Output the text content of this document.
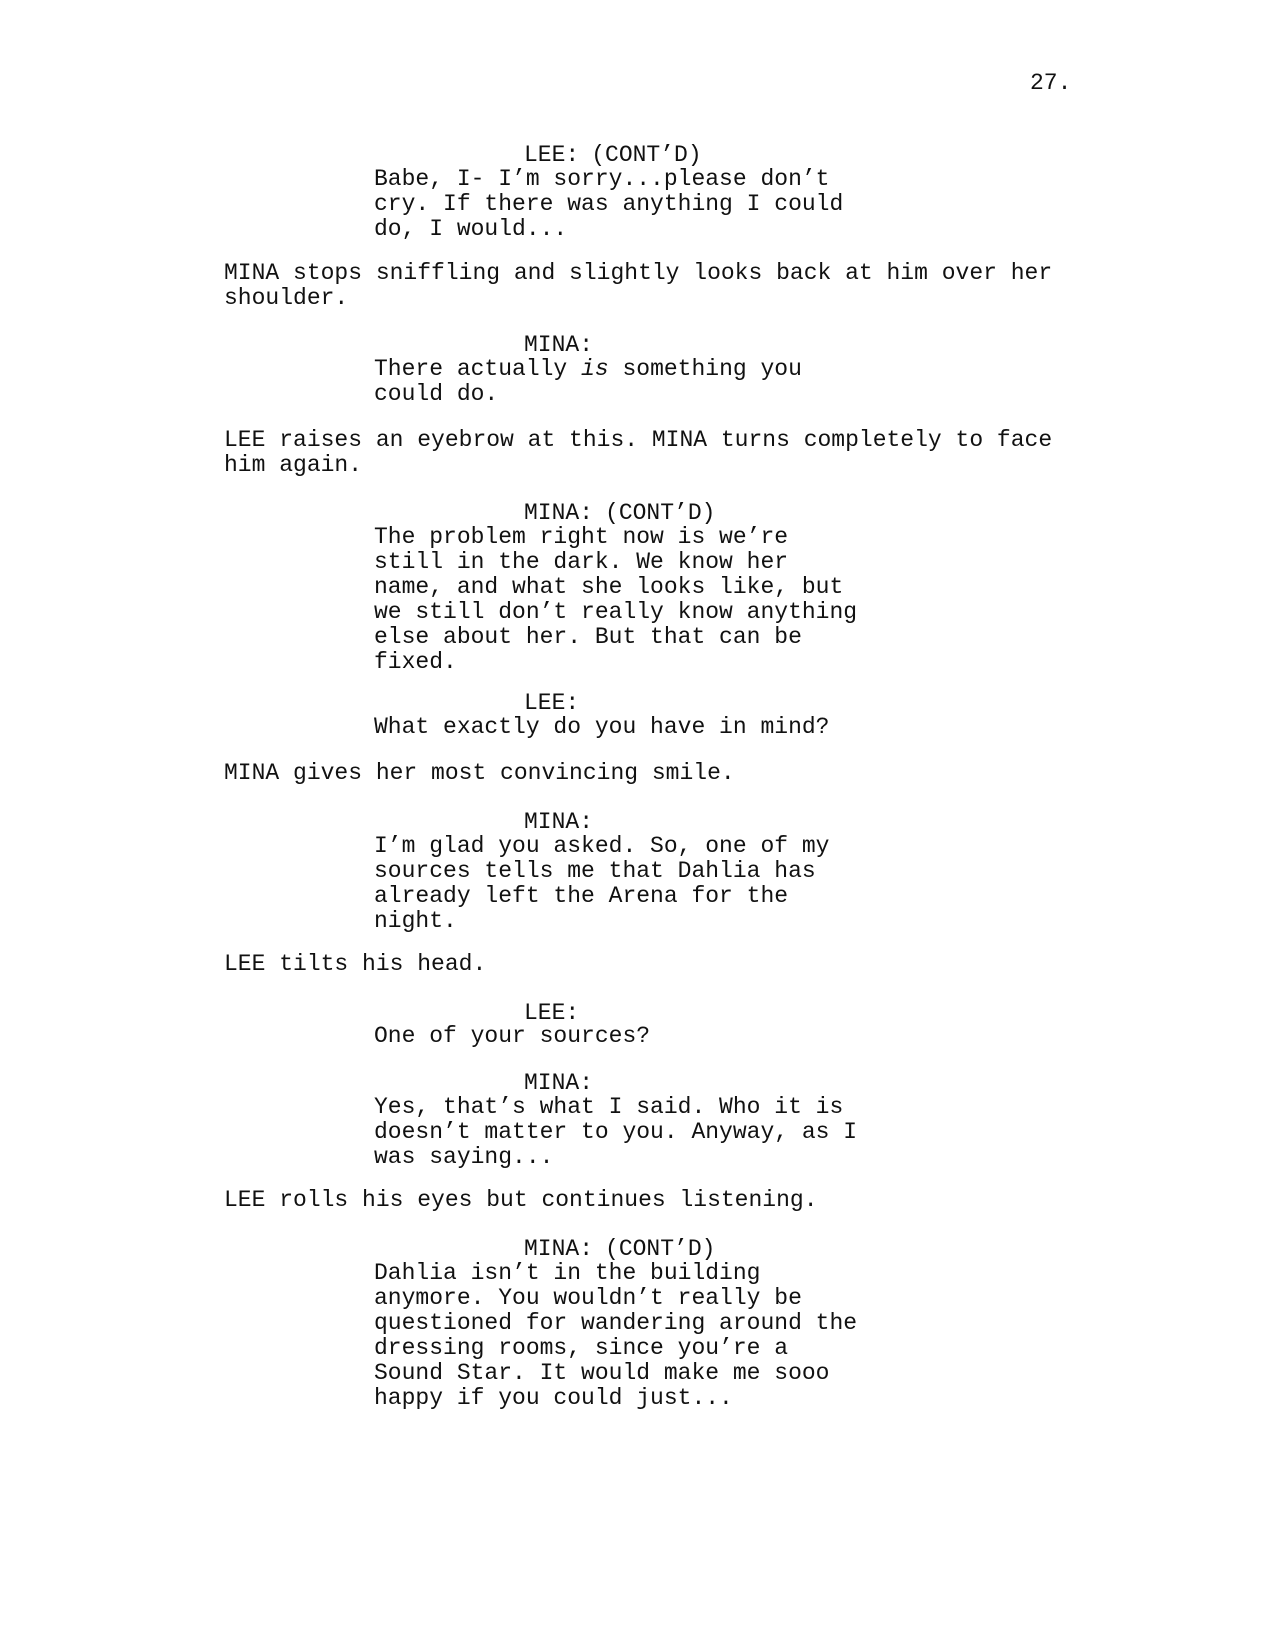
27.
LEE: (CONT’D)
Babe, I- I’m sorry...please don’t
cry. If there was anything I could
do, I would...
MINA stops sniffling and slightly looks back at him over her
shoulder.
MINA:
There actually is something you
could do.
LEE raises an eyebrow at this. MINA turns completely to face
him again.
MINA: (CONT’D)
The problem right now is we’re
still in the dark. We know her
name, and what she looks like, but
we still don’t really know anything
else about her. But that can be
fixed.
LEE:
What exactly do you have in mind?
MINA gives her most convincing smile.
MINA:
I’m glad you asked. So, one of my
sources tells me that Dahlia has
already left the Arena for the
night.
LEE tilts his head.
LEE:
One of your sources?
MINA:
Yes, that’s what I said. Who it is
doesn’t matter to you. Anyway, as I
was saying...
LEE rolls his eyes but continues listening.
MINA: (CONT’D)
Dahlia isn’t in the building
anymore. You wouldn’t really be
questioned for wandering around the
dressing rooms, since you’re a
Sound Star. It would make me sooo
happy if you could just...
